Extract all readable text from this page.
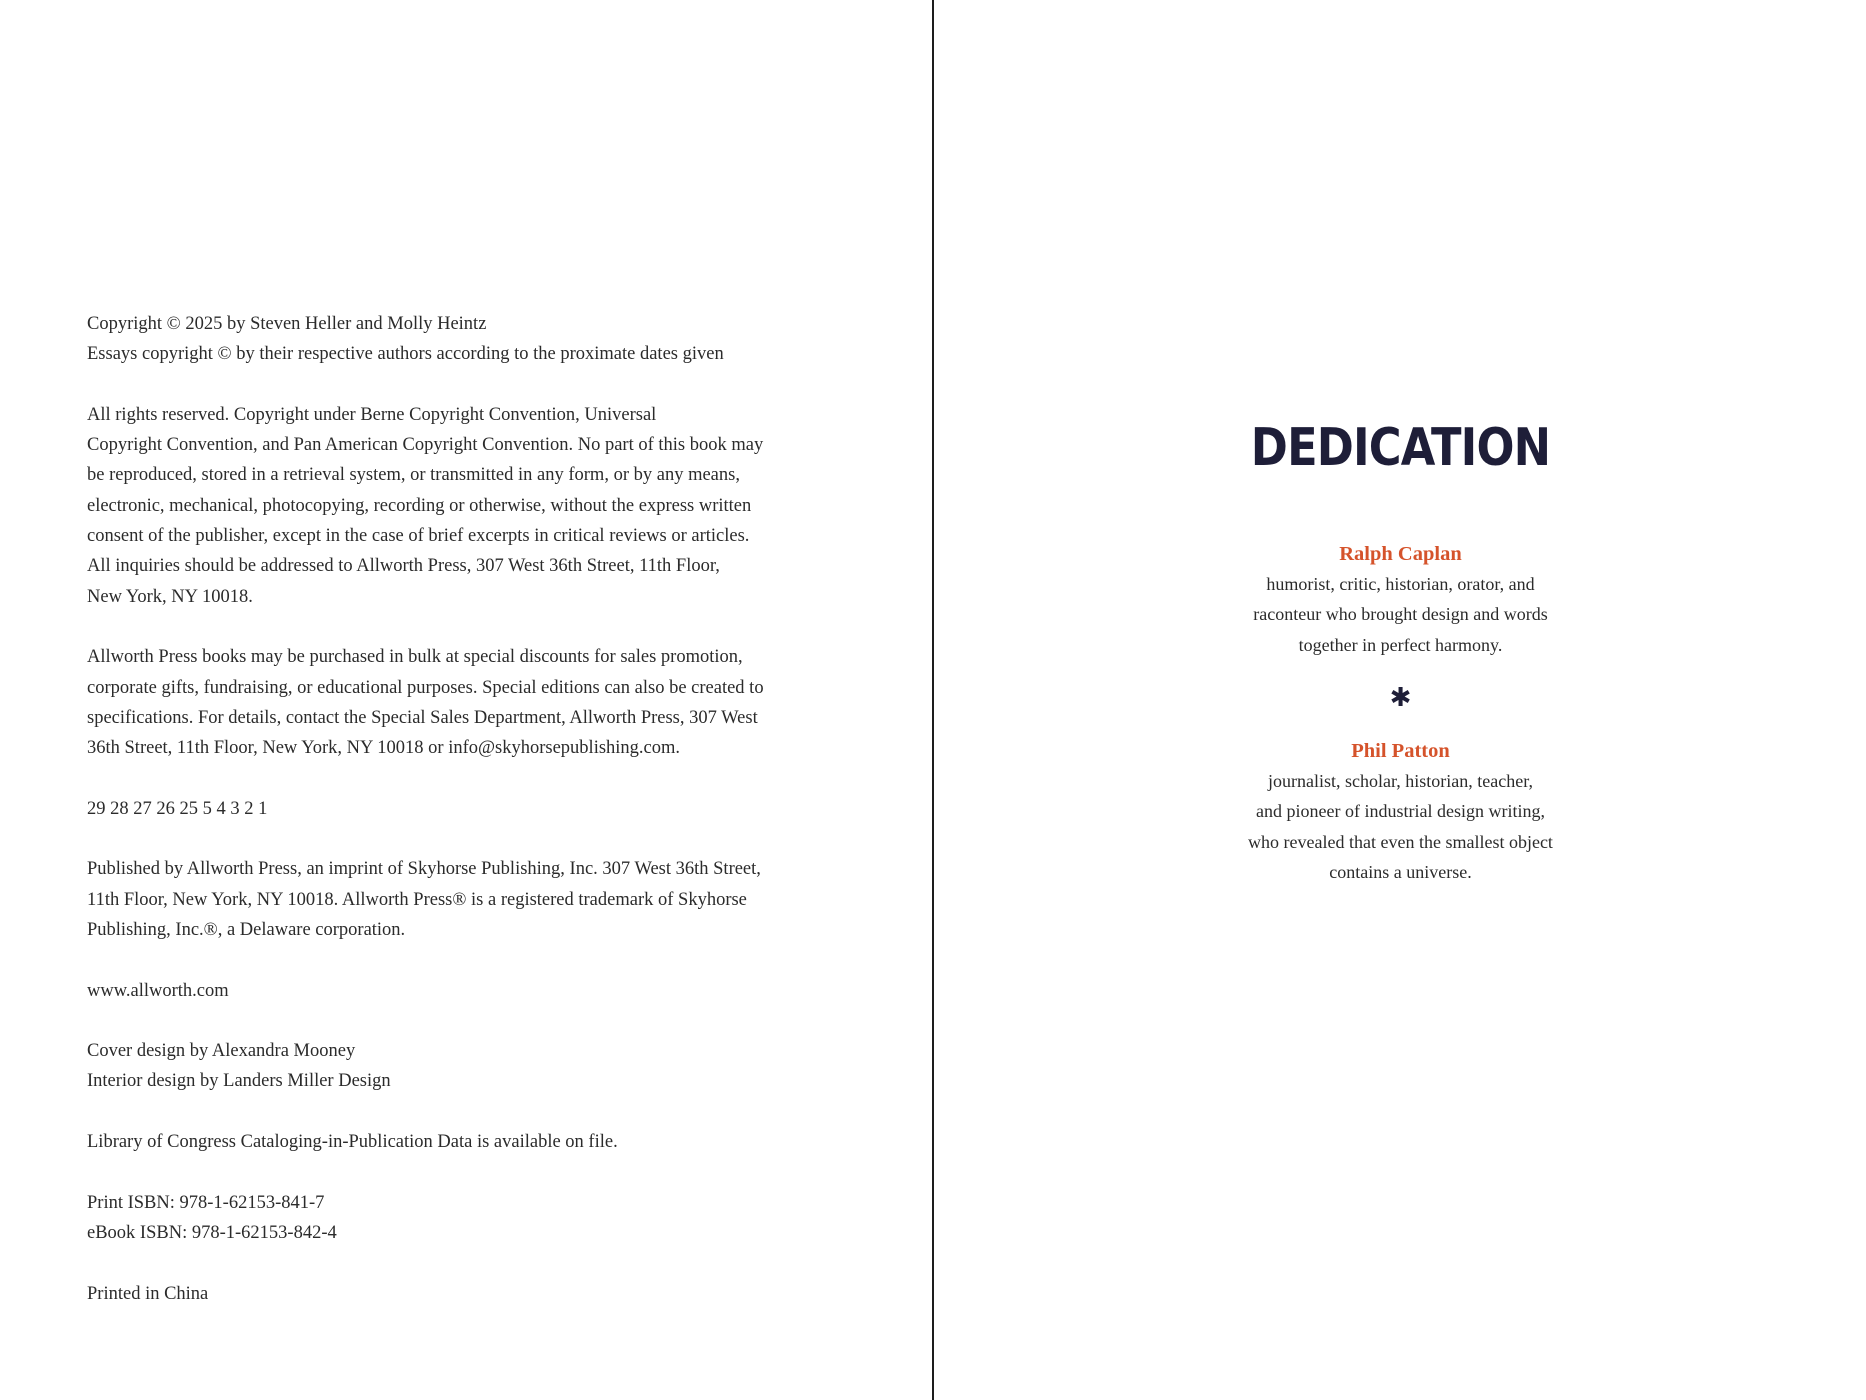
Copyright © 2025 by Steven Heller and Molly Heintz
Essays copyright © by their respective authors according to the proximate dates given

All rights reserved. Copyright under Berne Copyright Convention, Universal
Copyright Convention, and Pan American Copyright Convention. No part of this book may
be reproduced, stored in a retrieval system, or transmitted in any form, or by any means,
electronic, mechanical, photocopying, recording or otherwise, without the express written
consent of the publisher, except in the case of brief excerpts in critical reviews or articles.
All inquiries should be addressed to Allworth Press, 307 West 36th Street, 11th Floor,
New York, NY 10018.

Allworth Press books may be purchased in bulk at special discounts for sales promotion,
corporate gifts, fundraising, or educational purposes. Special editions can also be created to
specifications. For details, contact the Special Sales Department, Allworth Press, 307 West
36th Street, 11th Floor, New York, NY 10018 or info@skyhorsepublishing.com.

29 28 27 26 25 5 4 3 2 1

Published by Allworth Press, an imprint of Skyhorse Publishing, Inc. 307 West 36th Street,
11th Floor, New York, NY 10018. Allworth Press® is a registered trademark of Skyhorse
Publishing, Inc.®, a Delaware corporation.

www.allworth.com

Cover design by Alexandra Mooney
Interior design by Landers Miller Design

Library of Congress Cataloging-in-Publication Data is available on file.

Print ISBN: 978-1-62153-841-7
eBook ISBN: 978-1-62153-842-4

Printed in China

DEDICATION
Ralph Caplan
humorist, critic, historian, orator, and
raconteur who brought design and words
together in perfect harmony.
✱
Phil Patton
journalist, scholar, historian, teacher,
and pioneer of industrial design writing,
who revealed that even the smallest object
contains a universe.
